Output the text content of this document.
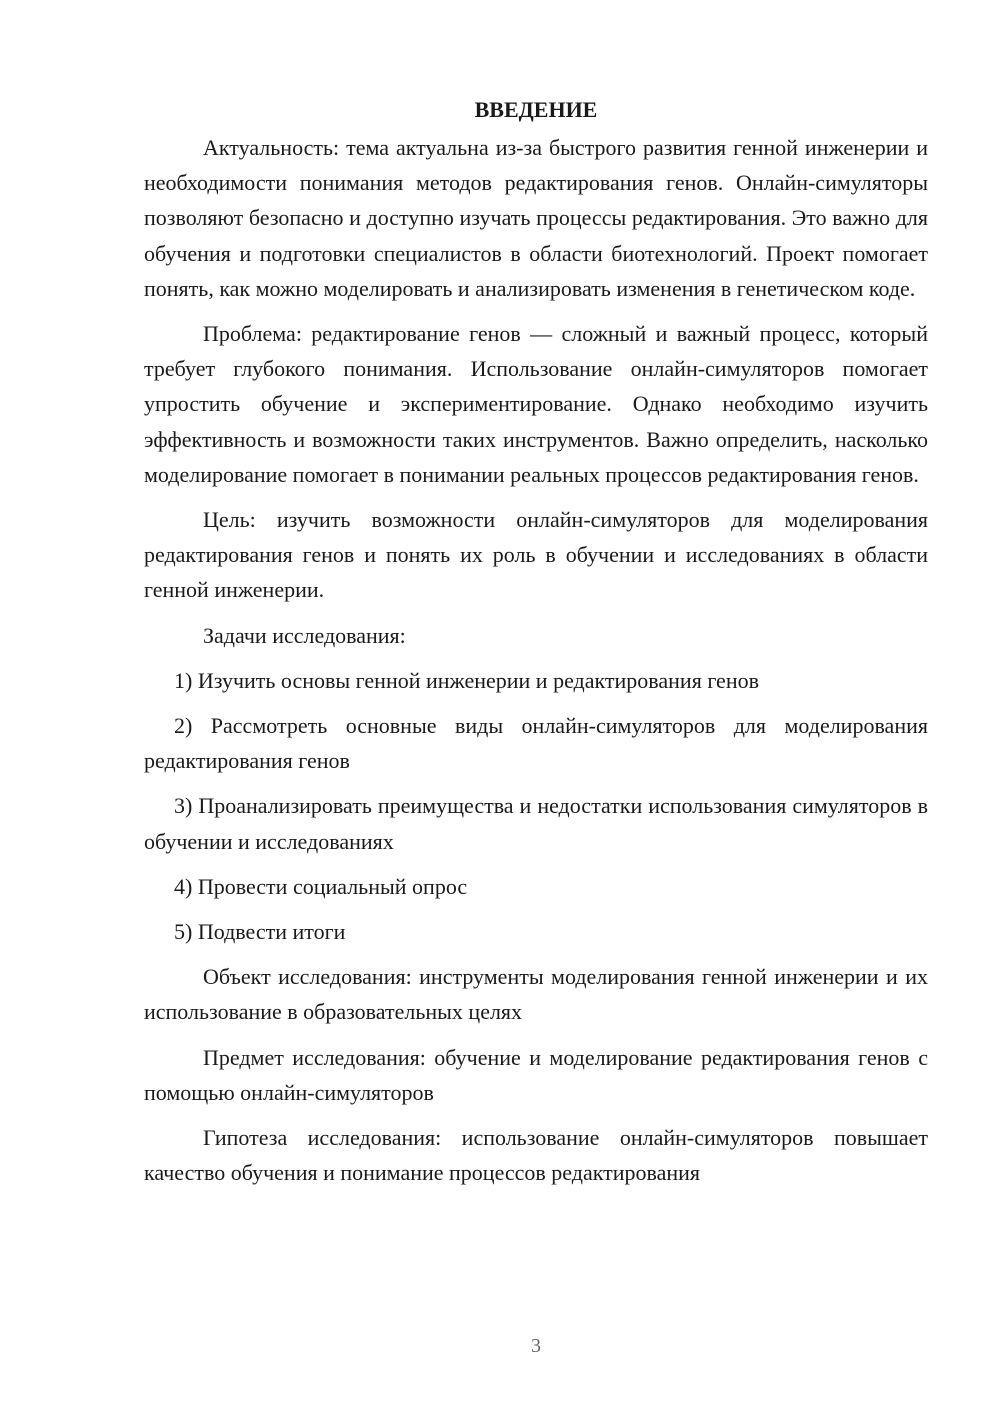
ВВЕДЕНИЕ

Актуальность: тема актуальна из-за быстрого развития генной инженерии и необходимости понимания методов редактирования генов. Онлайн-симуляторы позволяют безопасно и доступно изучать процессы редактирования. Это важно для обучения и подготовки специалистов в области биотехнологий. Проект помогает понять, как можно моделировать и анализировать изменения в генетическом коде.

Проблема: редактирование генов — сложный и важный процесс, который требует глубокого понимания. Использование онлайн-симуляторов помогает упростить обучение и экспериментирование. Однако необходимо изучить эффективность и возможности таких инструментов. Важно определить, насколько моделирование помогает в понимании реальных процессов редактирования генов.

Цель: изучить возможности онлайн-симуляторов для моделирования редактирования генов и понять их роль в обучении и исследованиях в области генной инженерии.

Задачи исследования:

1) Изучить основы генной инженерии и редактирования генов

2) Рассмотреть основные виды онлайн-симуляторов для моделирования редактирования генов

3) Проанализировать преимущества и недостатки использования симуляторов в обучении и исследованиях

4) Провести социальный опрос

5) Подвести итоги

Объект исследования: инструменты моделирования генной инженерии и их использование в образовательных целях

Предмет исследования: обучение и моделирование редактирования генов с помощью онлайн-симуляторов

Гипотеза исследования: использование онлайн-симуляторов повышает качество обучения и понимание процессов редактирования

3
